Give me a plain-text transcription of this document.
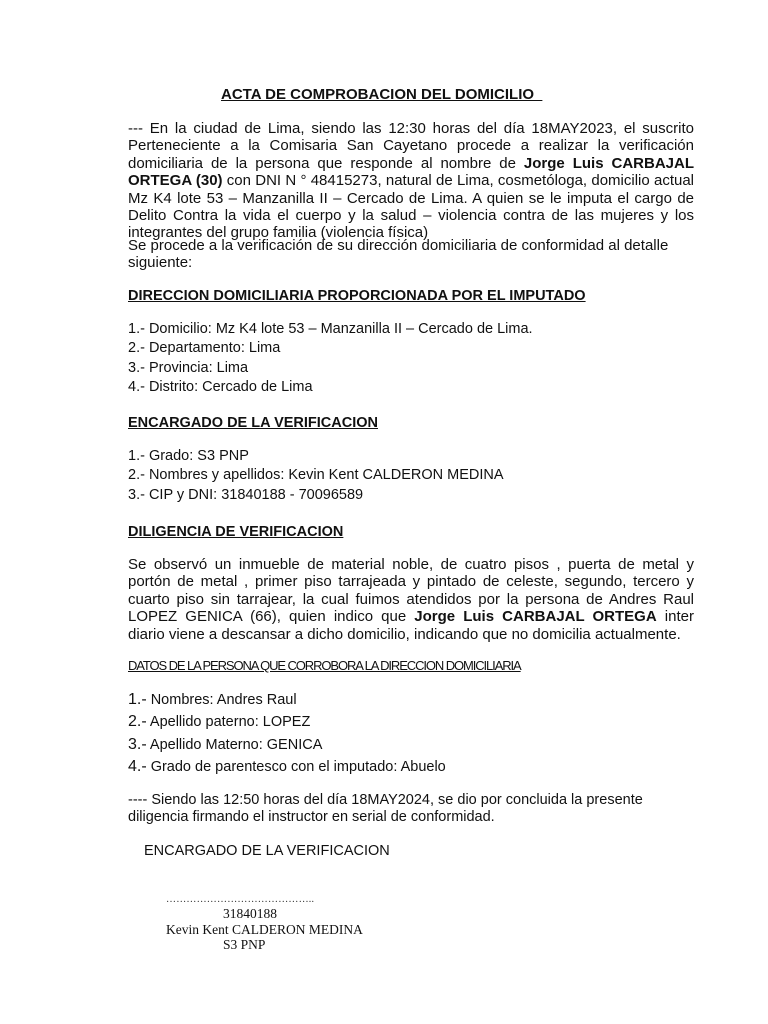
ACTA DE COMPROBACION DEL DOMICILIO

--- En la ciudad de Lima, siendo las 12:30 horas del día 18MAY2023, el suscrito Perteneciente a la Comisaria San Cayetano procede a realizar la verificación domiciliaria de la persona que responde al nombre de Jorge Luis CARBAJAL ORTEGA (30) con DNI N ° 48415273, natural de Lima, cosmetóloga, domicilio actual Mz K4 lote 53 – Manzanilla II – Cercado de Lima. A quien se le imputa el cargo de Delito Contra la vida el cuerpo y la salud – violencia contra de las mujeres y los integrantes del grupo familia (violencia física)

Se procede a la verificación de su dirección domiciliaria de conformidad al detalle siguiente:

DIRECCION DOMICILIARIA PROPORCIONADA POR EL IMPUTADO
1.- Domicilio: Mz K4 lote 53 – Manzanilla II – Cercado de Lima.
2.- Departamento: Lima
3.- Provincia: Lima
4.- Distrito: Cercado de Lima
ENCARGADO DE LA VERIFICACION
1.- Grado: S3 PNP
2.- Nombres y apellidos: Kevin Kent CALDERON MEDINA
3.- CIP y DNI: 31840188 - 70096589
DILIGENCIA DE VERIFICACION

Se observó un inmueble de material noble, de cuatro pisos , puerta de metal y portón de metal , primer piso tarrajeada y pintado de celeste, segundo, tercero y cuarto piso sin tarrajear, la cual fuimos atendidos por la persona de Andres Raul LOPEZ GENICA (66), quien indico que Jorge Luis CARBAJAL ORTEGA inter diario viene a descansar a dicho domicilio, indicando que no domicilia actualmente.

DATOS DE LA PERSONA QUE CORROBORA LA DIRECCION DOMICILIARIA
1.- Nombres: Andres Raul
2.- Apellido paterno: LOPEZ
3.- Apellido Materno: GENICA
4.- Grado de parentesco con el imputado: Abuelo

---- Siendo las 12:50 horas del día 18MAY2024, se dio por concluida la presente diligencia firmando el instructor en serial de conformidad.

ENCARGADO DE LA VERIFICACION
……………………………………..
31840188
Kevin Kent CALDERON MEDINA
S3 PNP
